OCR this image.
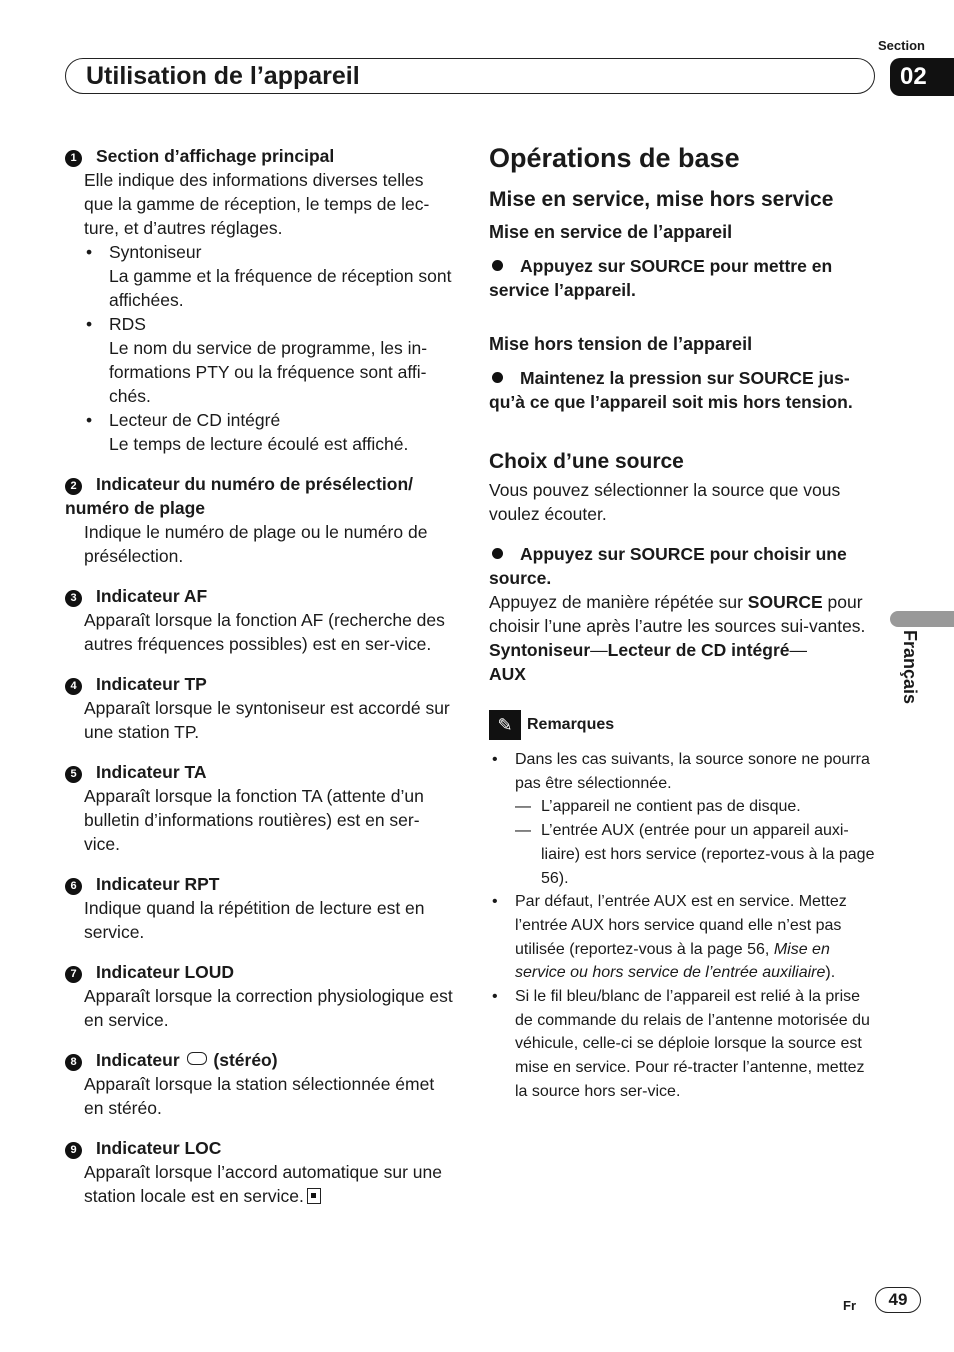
Section
02
Utilisation de l’appareil
Français
1 Section d’affichage principal
Elle indique des informations diverses telles que la gamme de réception, le temps de lec-ture, et d’autres réglages.
• Syntoniseur
La gamme et la fréquence de réception sont affichées.
• RDS
Le nom du service de programme, les in-formations PTY ou la fréquence sont affi-chés.
• Lecteur de CD intégré
Le temps de lecture écoulé est affiché.
2 Indicateur du numéro de présélection/ numéro de plage
Indique le numéro de plage ou le numéro de présélection.
3 Indicateur AF
Apparaît lorsque la fonction AF (recherche des autres fréquences possibles) est en ser-vice.
4 Indicateur TP
Apparaît lorsque le syntoniseur est accordé sur une station TP.
5 Indicateur TA
Apparaît lorsque la fonction TA (attente d’un bulletin d’informations routières) est en ser-vice.
6 Indicateur RPT
Indique quand la répétition de lecture est en service.
7 Indicateur LOUD
Apparaît lorsque la correction physiologique est en service.
8 Indicateur (stéréo)
Apparaît lorsque la station sélectionnée émet en stéréo.
9 Indicateur LOC
Apparaît lorsque l’accord automatique sur une station locale est en service.
Opérations de base
Mise en service, mise hors service
Mise en service de l’appareil
Appuyez sur SOURCE pour mettre en service l’appareil.
Mise hors tension de l’appareil
Maintenez la pression sur SOURCE jus-qu’à ce que l’appareil soit mis hors tension.
Choix d’une source
Vous pouvez sélectionner la source que vous voulez écouter.
Appuyez sur SOURCE pour choisir une source.
Appuyez de manière répétée sur SOURCE pour choisir l’une après l’autre les sources sui-vantes.
Syntoniseur—Lecteur de CD intégré—
AUX
✎ Remarques
• Dans les cas suivants, la source sonore ne pourra pas être sélectionnée.
— L’appareil ne contient pas de disque.
— L’entrée AUX (entrée pour un appareil auxi-liaire) est hors service (reportez-vous à la page 56).
• Par défaut, l’entrée AUX est en service. Mettez l’entrée AUX hors service quand elle n’est pas utilisée (reportez-vous à la page 56, Mise en service ou hors service de l’entrée auxiliaire).
• Si le fil bleu/blanc de l’appareil est relié à la prise de commande du relais de l’antenne motorisée du véhicule, celle-ci se déploie lorsque la source est mise en service. Pour ré-tracter l’antenne, mettez la source hors ser-vice.
Fr	49
